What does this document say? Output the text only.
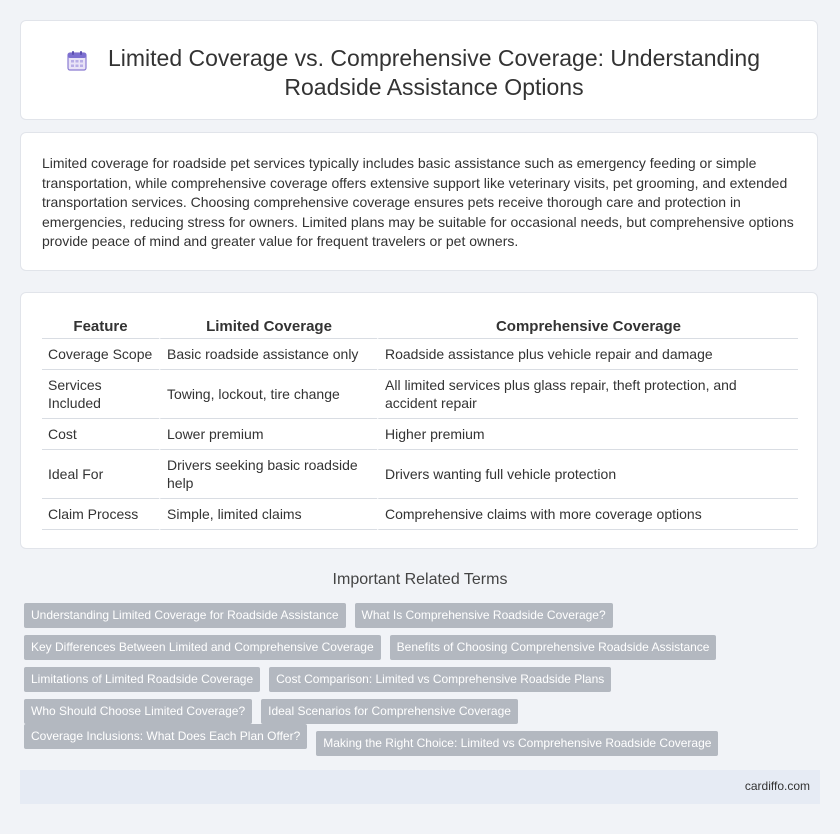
Limited Coverage vs. Comprehensive Coverage: Understanding Roadside Assistance Options

Limited coverage for roadside pet services typically includes basic assistance such as emergency feeding or simple transportation, while comprehensive coverage offers extensive support like veterinary visits, pet grooming, and extended transportation services. Choosing comprehensive coverage ensures pets receive thorough care and protection in emergencies, reducing stress for owners. Limited plans may be suitable for occasional needs, but comprehensive options provide peace of mind and greater value for frequent travelers or pet owners.

Feature	Limited Coverage	Comprehensive Coverage
Coverage Scope	Basic roadside assistance only	Roadside assistance plus vehicle repair and damage
Services Included	Towing, lockout, tire change	All limited services plus glass repair, theft protection, and accident repair
Cost	Lower premium	Higher premium
Ideal For	Drivers seeking basic roadside help	Drivers wanting full vehicle protection
Claim Process	Simple, limited claims	Comprehensive claims with more coverage options
Important Related Terms
Understanding Limited Coverage for Roadside Assistance	What Is Comprehensive Roadside Coverage?
Key Differences Between Limited and Comprehensive Coverage	Benefits of Choosing Comprehensive Roadside Assistance
Limitations of Limited Roadside Coverage	Cost Comparison: Limited vs Comprehensive Roadside Plans
Who Should Choose Limited Coverage?	Ideal Scenarios for Comprehensive Coverage
Coverage Inclusions: What Does Each Plan Offer?	Making the Right Choice: Limited vs Comprehensive Roadside Coverage
cardiffo.com
